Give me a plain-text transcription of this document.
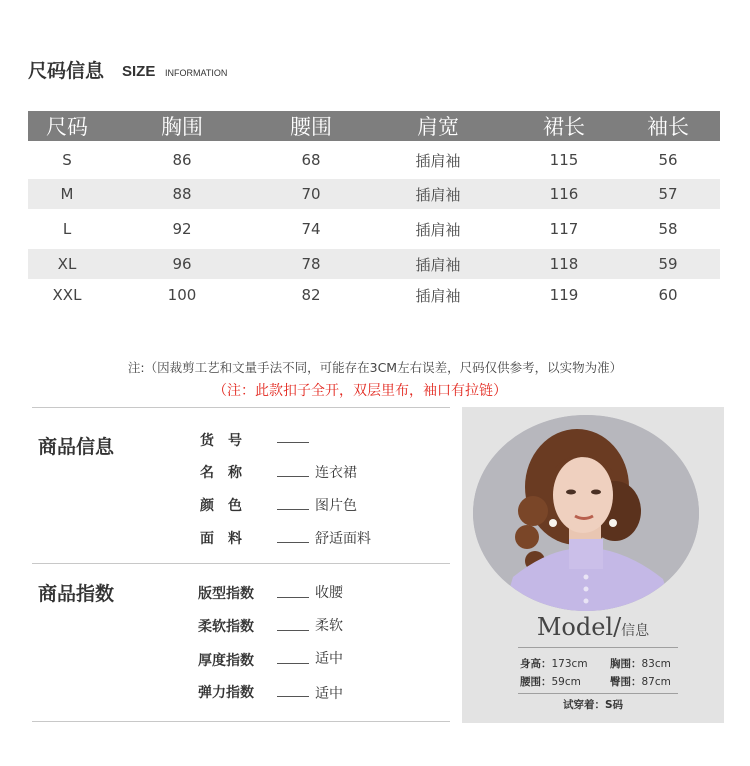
尺码信息 SIZE INFORMATION
尺码	胸围	腰围	肩宽	裙长	袖长
S	86	68	插肩袖	115	56
M	88	70	插肩袖	116	57
L	92	74	插肩袖	117	58
XL	96	78	插肩袖	118	59
XXL	100	82	插肩袖	119	60
注:（因裁剪工艺和文量手法不同，可能存在3CM左右误差，尺码仅供参考，以实物为准）
（注：此款扣子全开，双层里布，袖口有拉链）
商品信息	货　号
名　称	连衣裙
颜　色	图片色
面　料	舒适面料
商品指数	版型指数	收腰
柔软指数	柔软
厚度指数	适中
弹力指数	适中
Model/信息
身高：173cm 胸围：83cm
腰围：59cm	臀围：87cm
试穿着：S码
